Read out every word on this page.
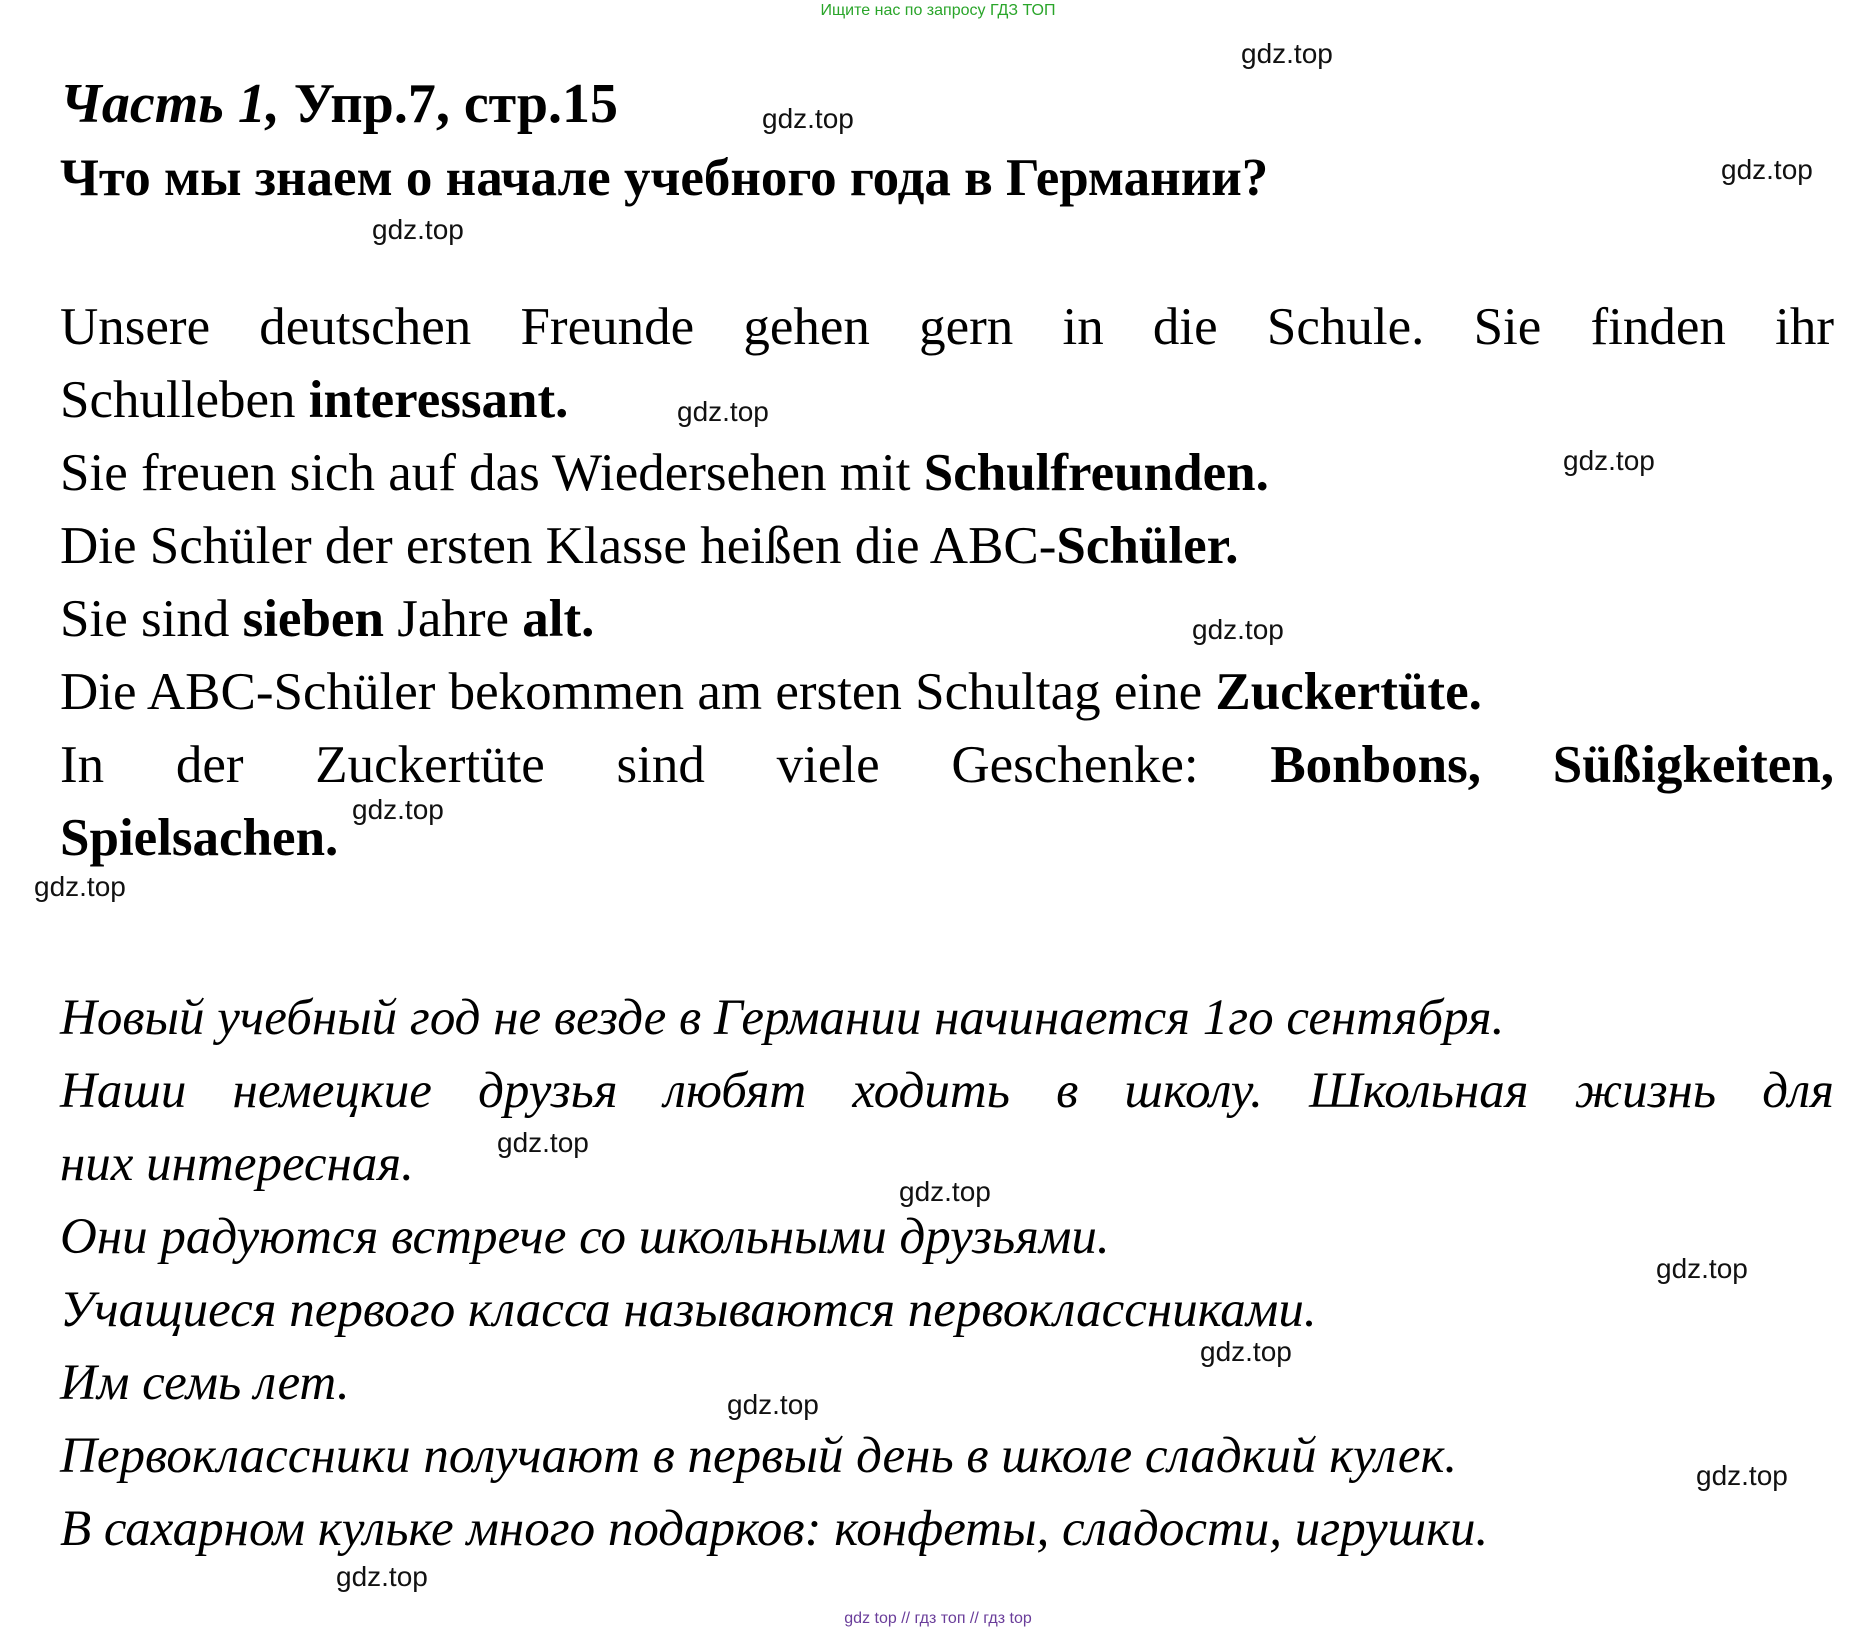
Ищите нас по запросу ГДЗ ТОП
Часть 1, Упр.7, стр.15
Что мы знаем о начале учебного года в Германии?
Unsere deutschen Freunde gehen gern in die Schule. Sie finden ihr
Schulleben interessant.
Sie freuen sich auf das Wiedersehen mit Schulfreunden.
Die Schüler der ersten Klasse heißen die ABC-Schüler.
Sie sind sieben Jahre alt.
Die ABC-Schüler bekommen am ersten Schultag eine Zuckertüte.
In der Zuckertüte sind viele Geschenke: Bonbons, Süßigkeiten,
Spielsachen.
Новый учебный год не везде в Германии начинается 1го сентября.
Наши немецкие друзья любят ходить в школу. Школьная жизнь для
них интересная.
Они радуются встрече со школьными друзьями.
Учащиеся первого класса называются первоклассниками.
Им семь лет.
Первоклассники получают в первый день в школе сладкий кулек.
В сахарном кульке много подарков: конфеты, сладости, игрушки.
gdz.top
gdz.top
gdz.top
gdz.top
gdz.top
gdz.top
gdz.top
gdz.top
gdz.top
gdz.top
gdz.top
gdz.top
gdz.top
gdz.top
gdz.top
gdz.top
gdz top // гдз топ // гдз top
